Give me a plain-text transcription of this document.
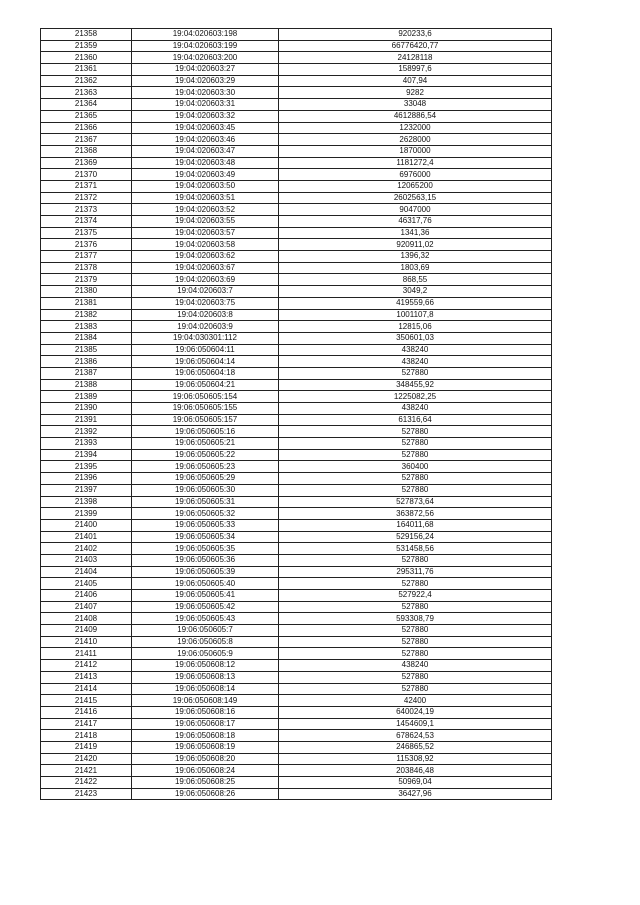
21358	19:04:020603:198	920233,6
21359	19:04:020603:199	66776420,77
21360	19:04:020603:200	24128118
21361	19:04:020603:27	158997,6
21362	19:04:020603:29	407,94
21363	19:04:020603:30	9282
21364	19:04:020603:31	33048
21365	19:04:020603:32	4612886,54
21366	19:04:020603:45	1232000
21367	19:04:020603:46	2628000
21368	19:04:020603:47	1870000
21369	19:04:020603:48	1181272,4
21370	19:04:020603:49	6976000
21371	19:04:020603:50	12065200
21372	19:04:020603:51	2602563,15
21373	19:04:020603:52	9047000
21374	19:04:020603:55	46317,76
21375	19:04:020603:57	1341,36
21376	19:04:020603:58	920911,02
21377	19:04:020603:62	1396,32
21378	19:04:020603:67	1803,69
21379	19:04:020603:69	868,55
21380	19:04:020603:7	3049,2
21381	19:04:020603:75	419559,66
21382	19:04:020603:8	1001107,8
21383	19:04:020603:9	12815,06
21384	19:04:030301:112	350601,03
21385	19:06:050604:11	438240
21386	19:06:050604:14	438240
21387	19:06:050604:18	527880
21388	19:06:050604:21	348455,92
21389	19:06:050605:154	1225082,25
21390	19:06:050605:155	438240
21391	19:06:050605:157	61316,64
21392	19:06:050605:16	527880
21393	19:06:050605:21	527880
21394	19:06:050605:22	527880
21395	19:06:050605:23	360400
21396	19:06:050605:29	527880
21397	19:06:050605:30	527880
21398	19:06:050605:31	527873,64
21399	19:06:050605:32	363872,56
21400	19:06:050605:33	164011,68
21401	19:06:050605:34	529156,24
21402	19:06:050605:35	531458,56
21403	19:06:050605:36	527880
21404	19:06:050605:39	295311,76
21405	19:06:050605:40	527880
21406	19:06:050605:41	527922,4
21407	19:06:050605:42	527880
21408	19:06:050605:43	593308,79
21409	19:06:050605:7	527880
21410	19:06:050605:8	527880
21411	19:06:050605:9	527880
21412	19:06:050608:12	438240
21413	19:06:050608:13	527880
21414	19:06:050608:14	527880
21415	19:06:050608:149	42400
21416	19:06:050608:16	640024,19
21417	19:06:050608:17	1454609,1
21418	19:06:050608:18	678624,53
21419	19:06:050608:19	246865,52
21420	19:06:050608:20	115308,92
21421	19:06:050608:24	203846,48
21422	19:06:050608:25	50969,04
21423	19:06:050608:26	36427,96
